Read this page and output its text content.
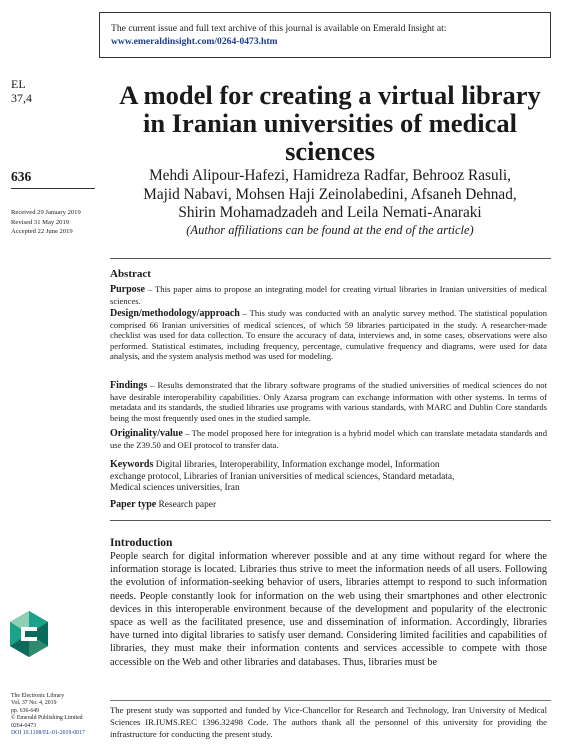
The current issue and full text archive of this journal is available on Emerald Insight at:
www.emeraldinsight.com/0264-0473.htm
EL
37,4
636
Received 29 January 2019
Revised 31 May 2019
Accepted 22 June 2019
The Electronic Library
Vol. 37 No. 4, 2019
pp. 636-649
© Emerald Publishing Limited
0264-0473
DOI 10.1108/EL-01-2019-0017
A model for creating a virtual library in Iranian universities of medical sciences
Mehdi Alipour-Hafezi, Hamidreza Radfar, Behrooz Rasuli,
Majid Nabavi, Mohsen Haji Zeinolabedini, Afsaneh Dehnad,
Shirin Mohamadzadeh and Leila Nemati-Anaraki
(Author affiliations can be found at the end of the article)
Abstract
Purpose – This paper aims to propose an integrating model for creating virtual libraries in Iranian universities of medical sciences.
Design/methodology/approach – This study was conducted with an analytic survey method. The statistical population comprised 66 Iranian universities of medical sciences, of which 59 libraries participated in the study. A researcher-made checklist was used for data collection. To ensure the accuracy of data, interviews and, in some cases, observations were also performed. Statistical estimates, including frequency, percentage, cumulative frequency and diagrams, were used for data analysis, and the system analysis method was used for modeling.
Findings – Results demonstrated that the library software programs of the studied universities of medical sciences do not have desirable interoperability capabilities. Only Azarsa program can exchange information with other systems. In terms of metadata and its standards, the studied libraries use programs with various standards, with MARC and Dublin Core standards being the most frequently used ones in the studied sample.
Originality/value – The model proposed here for integration is a hybrid model which can translate metadata standards and use the Z39.50 and OEI protocol to transfer data.
Keywords Digital libraries, Interoperability, Information exchange model, Information exchange protocol, Libraries of Iranian universities of medical sciences, Standard metadata, Medical sciences universities, Iran
Paper type Research paper
Introduction
People search for digital information wherever possible and at any time without regard for where the information storage is located. Libraries thus strive to meet the information needs of all users. Following the evolution of information-seeking behavior of users, libraries attempt to respond to such information needs. People constantly look for information on the web using their smartphones and other electronic devices in this interoperable environment because of the development and popularity of the electronic space as well as the facilitated presence, use and dissemination of information. Accordingly, libraries have turned into digital libraries to satisfy user demand. Considering limited facilities and capabilities of libraries, they must make their information contents and services accessible to compete with those accessible on the Web and other libraries and databases. Thus, libraries must be
The present study was supported and funded by Vice-Chancellor for Research and Technology, Iran University of Medical Sciences IR.IUMS.REC 1396.32498 Code. The authors thank all the personnel of this university for providing the infrastructure for conducting the present study.
